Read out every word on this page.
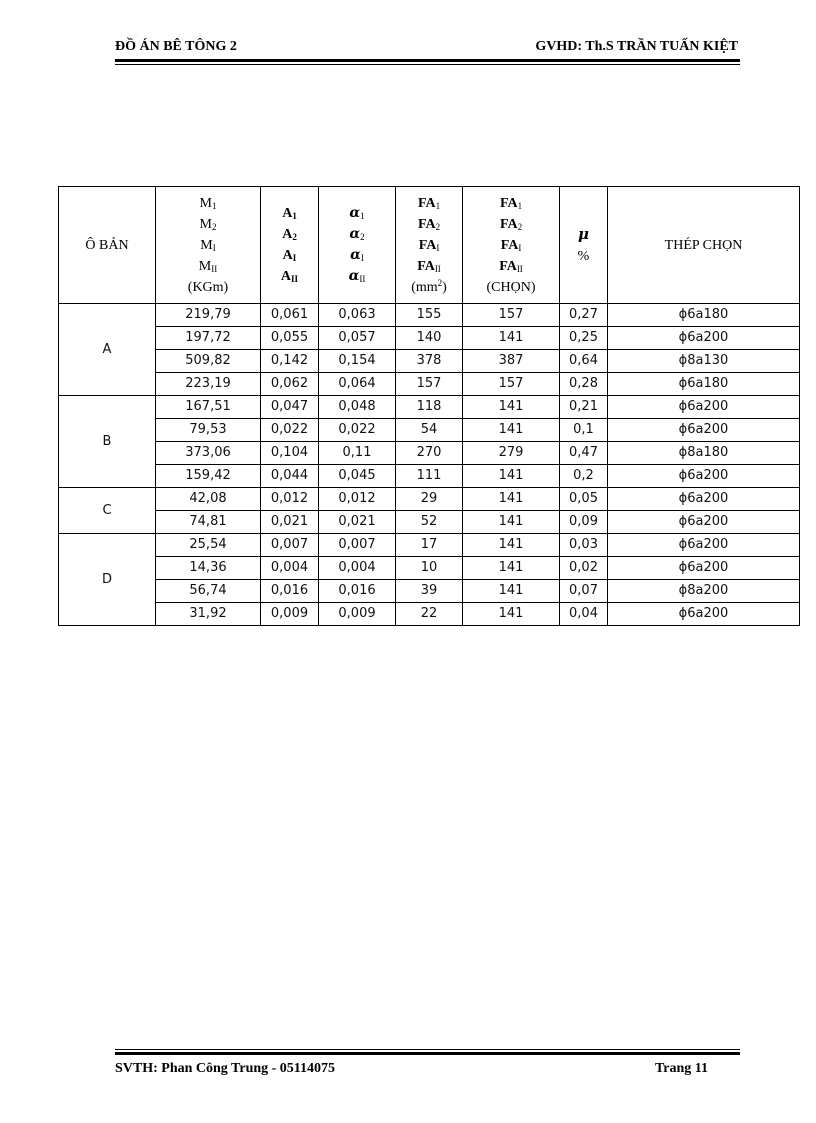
ĐỒ ÁN BÊ TÔNG 2	GVHD: Th.S TRẦN TUẤN KIỆT
Ô BẢN	$M_1$
$M_2$
$M_I$
$M_{II}$
(KGm)	$A_1$
$A_2$
$A_I$
$A_{II}$	$\alpha_1$
$\alpha_2$
$\alpha_I$
$\alpha_{II}$	$FA_1$
$FA_2$
$FA_I$
$FA_{II}$
$(mm^2)$	$FA_1$
$FA_2$
$FA_I$
$FA_{II}$
(CHỌN)	μ
%	THÉP CHỌN
A	219,79	0,061	0,063	155	157	0,27	ϕ6a180
	197,72	0,055	0,057	140	141	0,25	ϕ6a200
	509,82	0,142	0,154	378	387	0,64	ϕ8a130
	223,19	0,062	0,064	157	157	0,28	ϕ6a180
B	167,51	0,047	0,048	118	141	0,21	ϕ6a200
	79,53	0,022	0,022	54	141	0,1	ϕ6a200
	373,06	0,104	0,11	270	279	0,47	ϕ8a180
	159,42	0,044	0,045	111	141	0,2	ϕ6a200
C	42,08	0,012	0,012	29	141	0,05	ϕ6a200
	74,81	0,021	0,021	52	141	0,09	ϕ6a200
D	25,54	0,007	0,007	17	141	0,03	ϕ6a200
	14,36	0,004	0,004	10	141	0,02	ϕ6a200
	56,74	0,016	0,016	39	141	0,07	ϕ8a200
	31,92	0,009	0,009	22	141	0,04	ϕ6a200
SVTH: Phan Công Trung - 05114075	Trang 11
